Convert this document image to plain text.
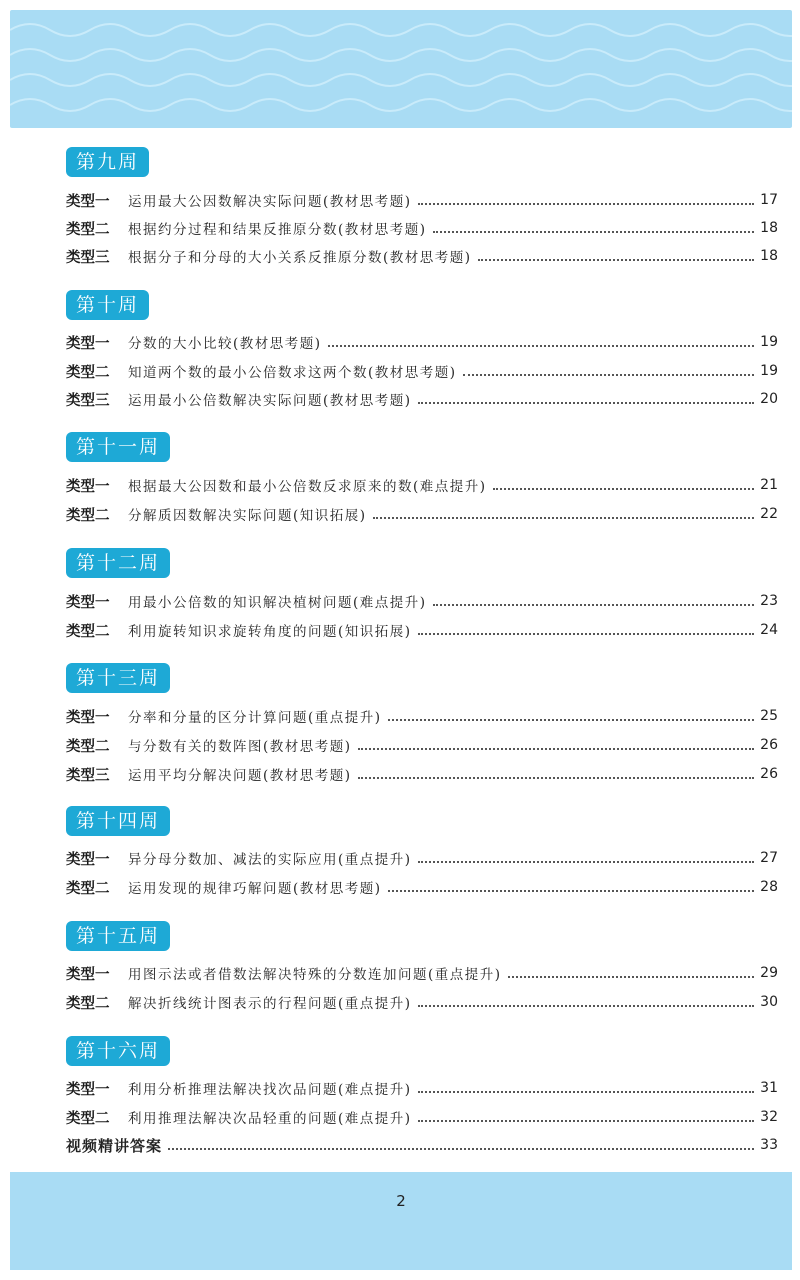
第九周
类型一	运用最大公因数解决实际问题(教材思考题)	17
类型二	根据约分过程和结果反推原分数(教材思考题)	18
类型三	根据分子和分母的大小关系反推原分数(教材思考题)	18
第十周
类型一	分数的大小比较(教材思考题)	19
类型二	知道两个数的最小公倍数求这两个数(教材思考题)	19
类型三	运用最小公倍数解决实际问题(教材思考题)	20
第十一周
类型一	根据最大公因数和最小公倍数反求原来的数(难点提升)	21
类型二	分解质因数解决实际问题(知识拓展)	22
第十二周
类型一	用最小公倍数的知识解决植树问题(难点提升)	23
类型二	利用旋转知识求旋转角度的问题(知识拓展)	24
第十三周
类型一	分率和分量的区分计算问题(重点提升)	25
类型二	与分数有关的数阵图(教材思考题)	26
类型三	运用平均分解决问题(教材思考题)	26
第十四周
类型一	异分母分数加、减法的实际应用(重点提升)	27
类型二	运用发现的规律巧解问题(教材思考题)	28
第十五周
类型一	用图示法或者借数法解决特殊的分数连加问题(重点提升)	29
类型二	解决折线统计图表示的行程问题(重点提升)	30
第十六周
类型一	利用分析推理法解决找次品问题(难点提升)	31
类型二	利用推理法解决次品轻重的问题(难点提升)	32
视频精讲答案	33
2
